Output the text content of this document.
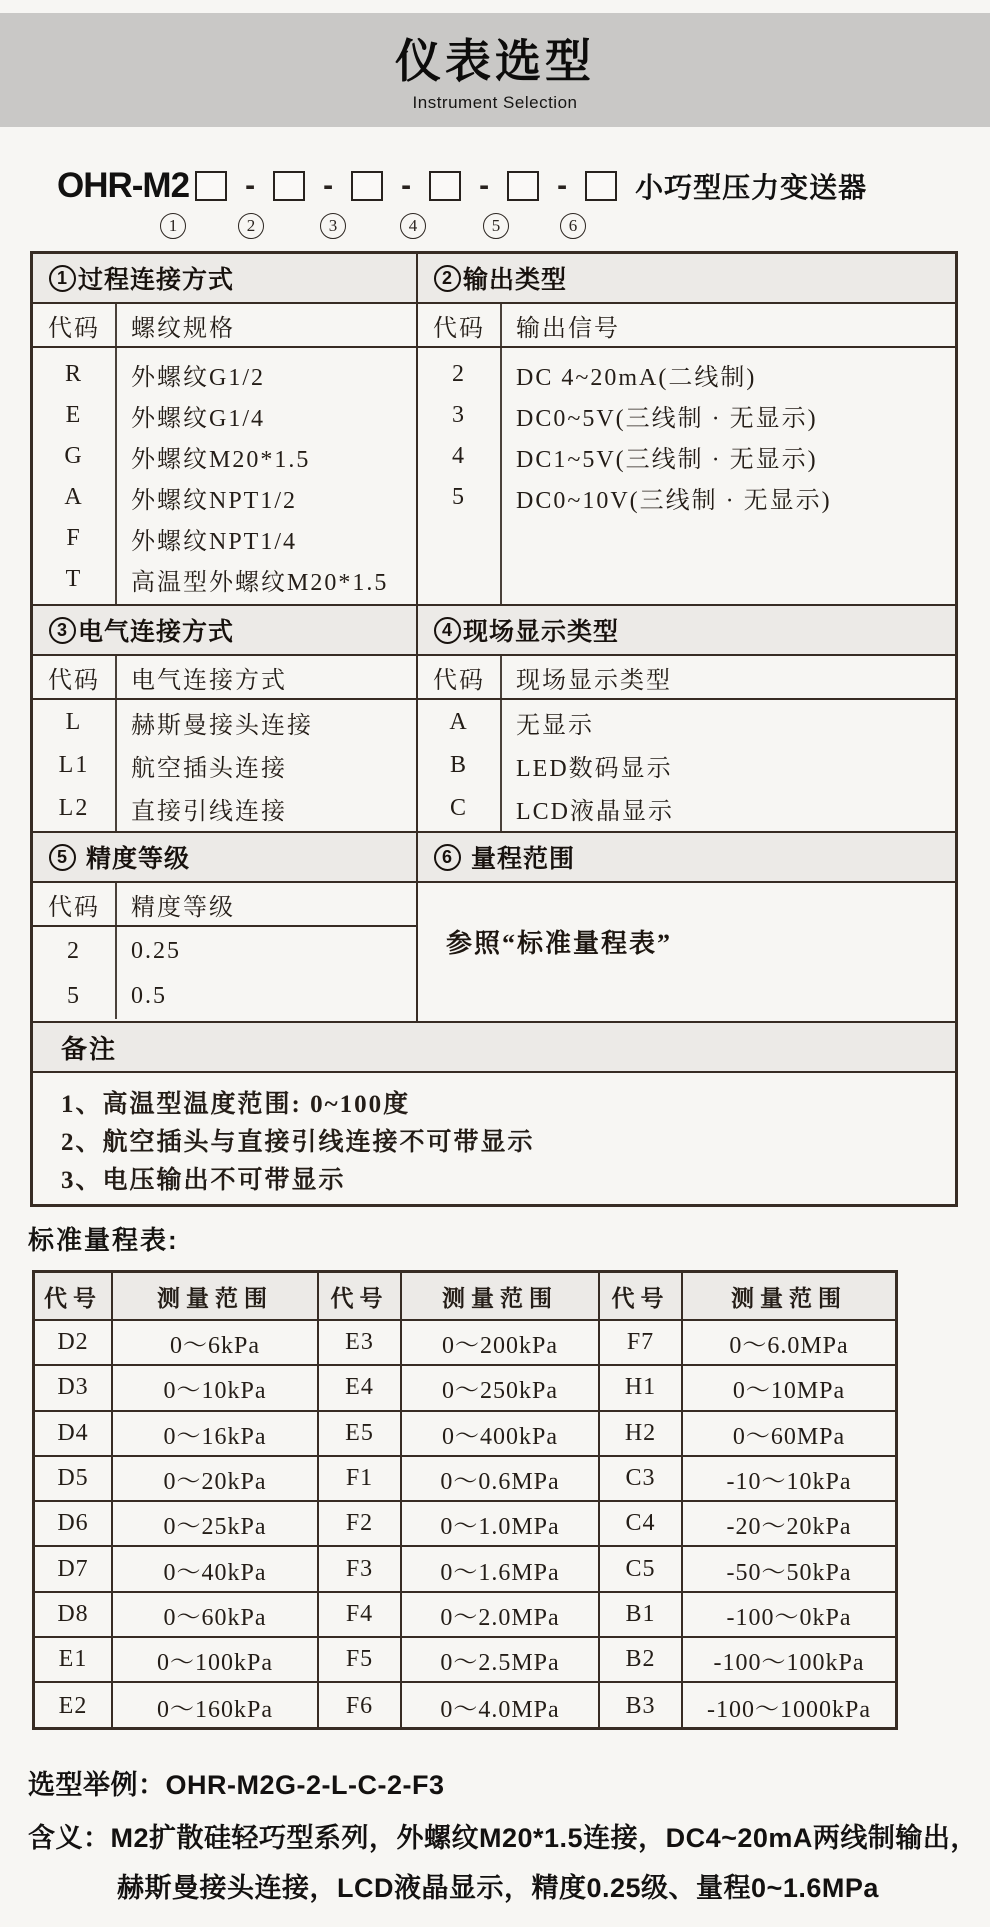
仪表选型
Instrument Selection
OHR-M2	-	-	-	-	-	小巧型压力变送器
1	2	3	4	5	6
1 过程连接方式	2 输出类型
代码	螺纹规格	代码	输出信号
R	外螺纹G1/2
E	外螺纹G1/4
G	外螺纹M20*1.5
A	外螺纹NPT1/2
F	外螺纹NPT1/4
T	高温型外螺纹M20*1.5
2	DC 4~20mA(二线制)
3	DC0~5V(三线制 · 无显示)
4	DC1~5V(三线制 · 无显示)
5	DC0~10V(三线制 · 无显示)
3 电气连接方式	4 现场显示类型
代码	电气连接方式	代码	现场显示类型
L	赫斯曼接头连接
L1	航空插头连接
L2	直接引线连接
A	无显示
B	LED数码显示
C	LCD液晶显示
5 精度等级	6 量程范围
代码	精度等级
2	0.25
5	0.5
参照“标准量程表”
备注
1、高温型温度范围: 0~100度
2、航空插头与直接引线连接不可带显示
3、电压输出不可带显示
标准量程表:
代号	测量范围	代号	测量范围	代号	测量范围
D2	0～6kPa	E3	0～200kPa	F7	0～6.0MPa
D3	0～10kPa	E4	0～250kPa	H1	0～10MPa
D4	0～16kPa	E5	0～400kPa	H2	0～60MPa
D5	0～20kPa	F1	0～0.6MPa	C3	-10～10kPa
D6	0～25kPa	F2	0～1.0MPa	C4	-20～20kPa
D7	0～40kPa	F3	0～1.6MPa	C5	-50～50kPa
D8	0～60kPa	F4	0～2.0MPa	B1	-100～0kPa
E1	0～100kPa	F5	0～2.5MPa	B2	-100～100kPa
E2	0～160kPa	F6	0～4.0MPa	B3	-100～1000kPa
选型举例：OHR-M2G-2-L-C-2-F3
含义：M2扩散硅轻巧型系列，外螺纹M20*1.5连接，DC4~20mA两线制输出，
赫斯曼接头连接，LCD液晶显示，精度0.25级、量程0~1.6MPa
